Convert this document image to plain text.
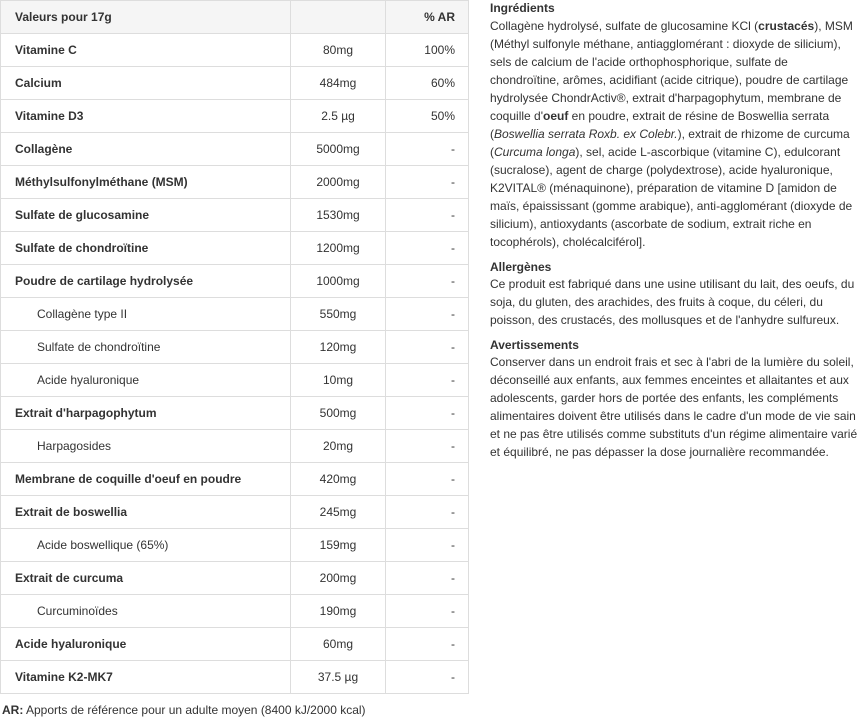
Valeurs pour 17g		% AR
Vitamine C	80mg	100%
Calcium	484mg	60%
Vitamine D3	2.5 µg	50%
Collagène	5000mg	-
Méthylsulfonylméthane (MSM)	2000mg	-
Sulfate de glucosamine	1530mg	-
Sulfate de chondroïtine	1200mg	-
Poudre de cartilage hydrolysée	1000mg	-
Collagène type II	550mg	-
Sulfate de chondroïtine	120mg	-
Acide hyaluronique	10mg	-
Extrait d'harpagophytum	500mg	-
Harpagosides	20mg	-
Membrane de coquille d'oeuf en poudre	420mg	-
Extrait de boswellia	245mg	-
Acide boswellique (65%)	159mg	-
Extrait de curcuma	200mg	-
Curcuminoïdes	190mg	-
Acide hyaluronique	60mg	-
Vitamine K2-MK7	37.5 µg	-
AR: Apports de référence pour un adulte moyen (8400 kJ/2000 kcal)
Ingrédients

Collagène hydrolysé, sulfate de glucosamine KCl (crustacés), MSM (Méthyl sulfonyle méthane, antiagglomérant : dioxyde de silicium), sels de calcium de l'acide orthophosphorique, sulfate de chondroïtine, arômes, acidifiant (acide citrique), poudre de cartilage hydrolysée ChondrActiv®, extrait d'harpagophytum, membrane de coquille d'oeuf en poudre, extrait de résine de Boswellia serrata (Boswellia serrata Roxb. ex Colebr.), extrait de rhizome de curcuma (Curcuma longa), sel, acide L-ascorbique (vitamine C), edulcorant (sucralose), agent de charge (polydextrose), acide hyaluronique, K2VITAL® (ménaquinone), préparation de vitamine D [amidon de maïs, épaississant (gomme arabique), anti-agglomérant (dioxyde de silicium), antioxydants (ascorbate de sodium, extrait riche en tocophérols), cholécalciférol].

Allergènes

Ce produit est fabriqué dans une usine utilisant du lait, des oeufs, du soja, du gluten, des arachides, des fruits à coque, du céleri, du poisson, des crustacés, des mollusques et de l'anhydre sulfureux.

Avertissements

Conserver dans un endroit frais et sec à l'abri de la lumière du soleil, déconseillé aux enfants, aux femmes enceintes et allaitantes et aux adolescents, garder hors de portée des enfants, les compléments alimentaires doivent être utilisés dans le cadre d'un mode de vie sain et ne pas être utilisés comme substituts d'un régime alimentaire varié et équilibré, ne pas dépasser la dose journalière recommandée.
